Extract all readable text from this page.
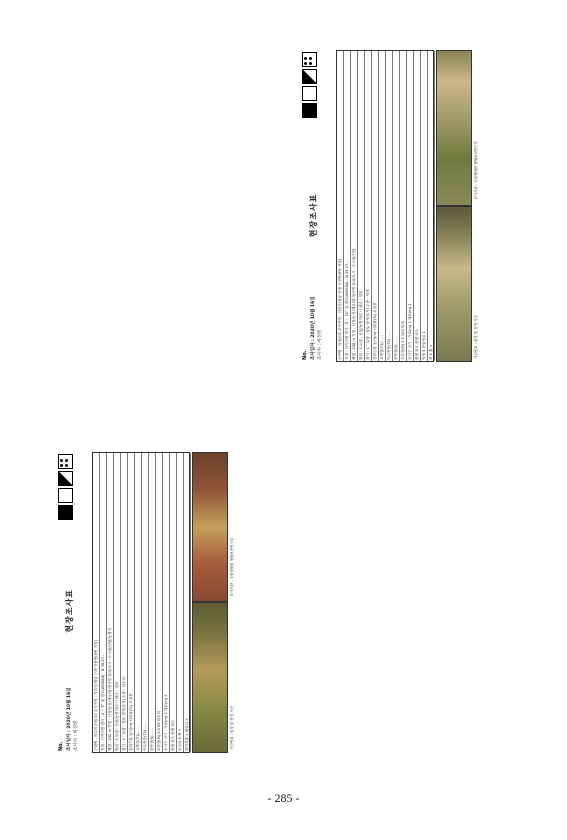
No. 조사일자 : 2020년 10월 16일 조사자 : 이정빈
현장조사표
군락명 : 비수리군락(조) 조사지역 : 지리산/경남 구례 산동면(5번 지점) 지형 : 산지사면 경사 : 2 ~ 5˚ 위 경도(WGS84) : N 35.27... 해발 : 232 m 지형 : 산정/능선/계곡/평지/사면 위치/도시 : 도시림/산림/농경지 방위 : S 토양 : 산림/농경지/도시 배수 : 양호 경사 : 0 ˚ 토양 : 양토 양지(음지) 수종 : 비수리 층위구분 높이(m) 식피율(%) 우점종 교목층(T1) - - - 아교목층(T2) - - - 관목층(S) - - - 초본층(H) 0.5 95 비수리 조사구 크기 : 가로(m) 2 세로(m) 2 종명 피도 종명 피도 비수리 5 쑥 + 강아지풀 1 메귀리 +	사진번호 : 원경 및 전경 사진
조사기관 : 국립생태원 생태보전연구부
No. 조사일자 : 2020년 10월 16일 조사자 : 이정빈
현장조사표
군락명 : 억새군락 조사지역 : 지리산/경남 산청 시천면(6번 지점) 지형 : 산지사면 경사 : 5 ~ 10˚ 위 경도(WGS84) : N 35.27... 해발 : 238 m 지형 : 산정/능선/계곡/평지/사면 위치/도시 : 도시림/산림 방위 : S 토양 : 산림/농경지/도시 배수 : 양호 경사 : 0 ˚ 토양 : 양토 양지(음지) 수종 : 억새 층위구분 높이(m) 식피율(%) 우점종 교목층(T1) - - - 아교목층(T2) - - - 관목층(S) - - - 초본층(H) 1.5 100 억새 조사구 크기 : 가로(m) 2 세로(m) 2 종명 피도 종명 피도 억새 5 환삼덩굴 1 쑥 1 칡 +	사진번호 : 원경 및 전경 사진
조사기관 : 국립생태원 생태보전연구부
- 285 -
